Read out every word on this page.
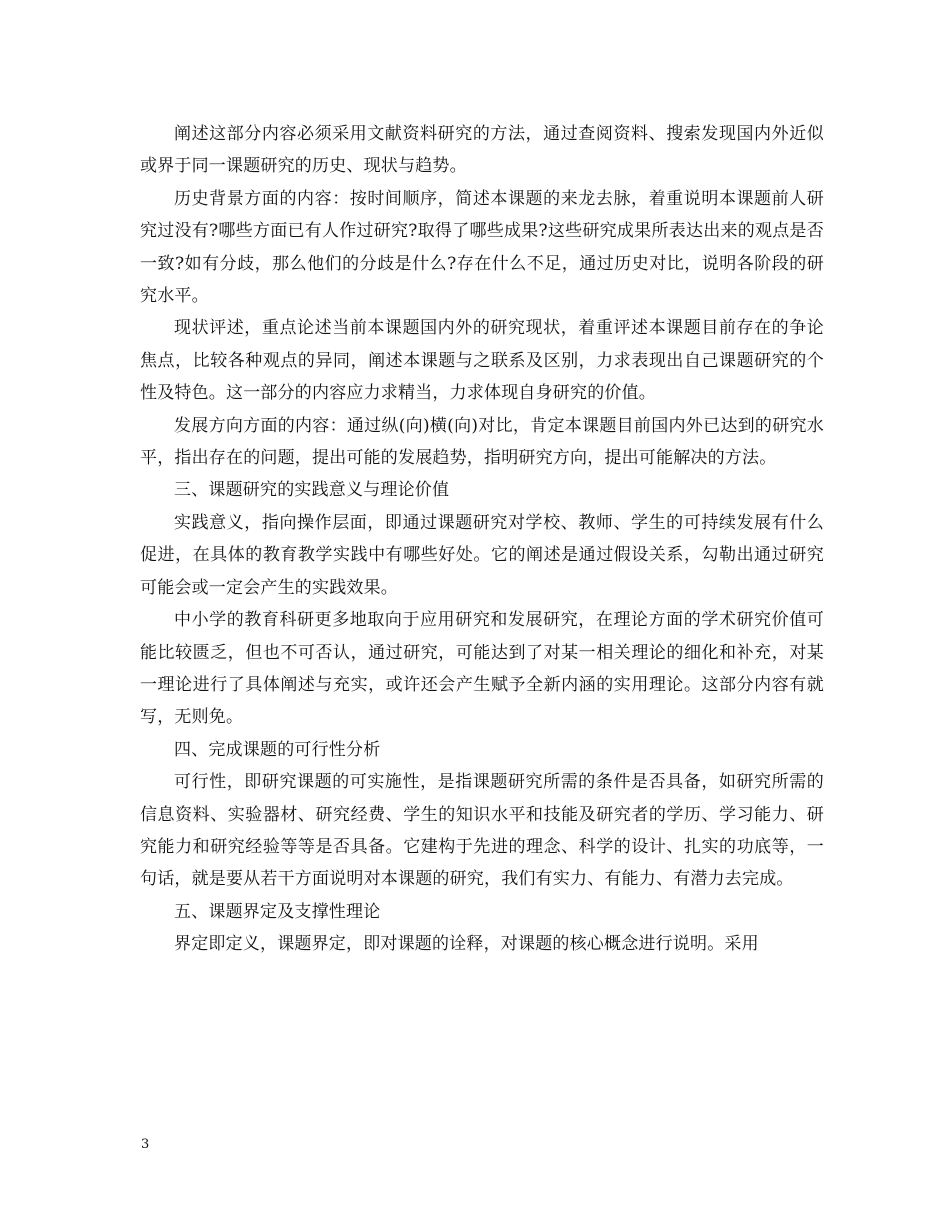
阐述这部分内容必须采用文献资料研究的方法，通过查阅资料、搜索发现国内外近似或界于同一课题研究的历史、现状与趋势。

历史背景方面的内容：按时间顺序，简述本课题的来龙去脉，着重说明本课题前人研究过没有?哪些方面已有人作过研究?取得了哪些成果?这些研究成果所表达出来的观点是否一致?如有分歧，那么他们的分歧是什么?存在什么不足，通过历史对比，说明各阶段的研究水平。

现状评述，重点论述当前本课题国内外的研究现状，着重评述本课题目前存在的争论焦点，比较各种观点的异同，阐述本课题与之联系及区别，力求表现出自己课题研究的个性及特色。这一部分的内容应力求精当，力求体现自身研究的价值。

发展方向方面的内容：通过纵(向)横(向)对比，肯定本课题目前国内外已达到的研究水平，指出存在的问题，提出可能的发展趋势，指明研究方向，提出可能解决的方法。

三、课题研究的实践意义与理论价值

实践意义，指向操作层面，即通过课题研究对学校、教师、学生的可持续发展有什么促进，在具体的教育教学实践中有哪些好处。它的阐述是通过假设关系，勾勒出通过研究可能会或一定会产生的实践效果。

中小学的教育科研更多地取向于应用研究和发展研究，在理论方面的学术研究价值可能比较匮乏，但也不可否认，通过研究，可能达到了对某一相关理论的细化和补充，对某一理论进行了具体阐述与充实，或许还会产生赋予全新内涵的实用理论。这部分内容有就写，无则免。

四、完成课题的可行性分析

可行性，即研究课题的可实施性，是指课题研究所需的条件是否具备，如研究所需的信息资料、实验器材、研究经费、学生的知识水平和技能及研究者的学历、学习能力、研究能力和研究经验等等是否具备。它建构于先进的理念、科学的设计、扎实的功底等，一句话，就是要从若干方面说明对本课题的研究，我们有实力、有能力、有潜力去完成。

五、课题界定及支撑性理论

界定即定义，课题界定，即对课题的诠释，对课题的核心概念进行说明。采用

3
